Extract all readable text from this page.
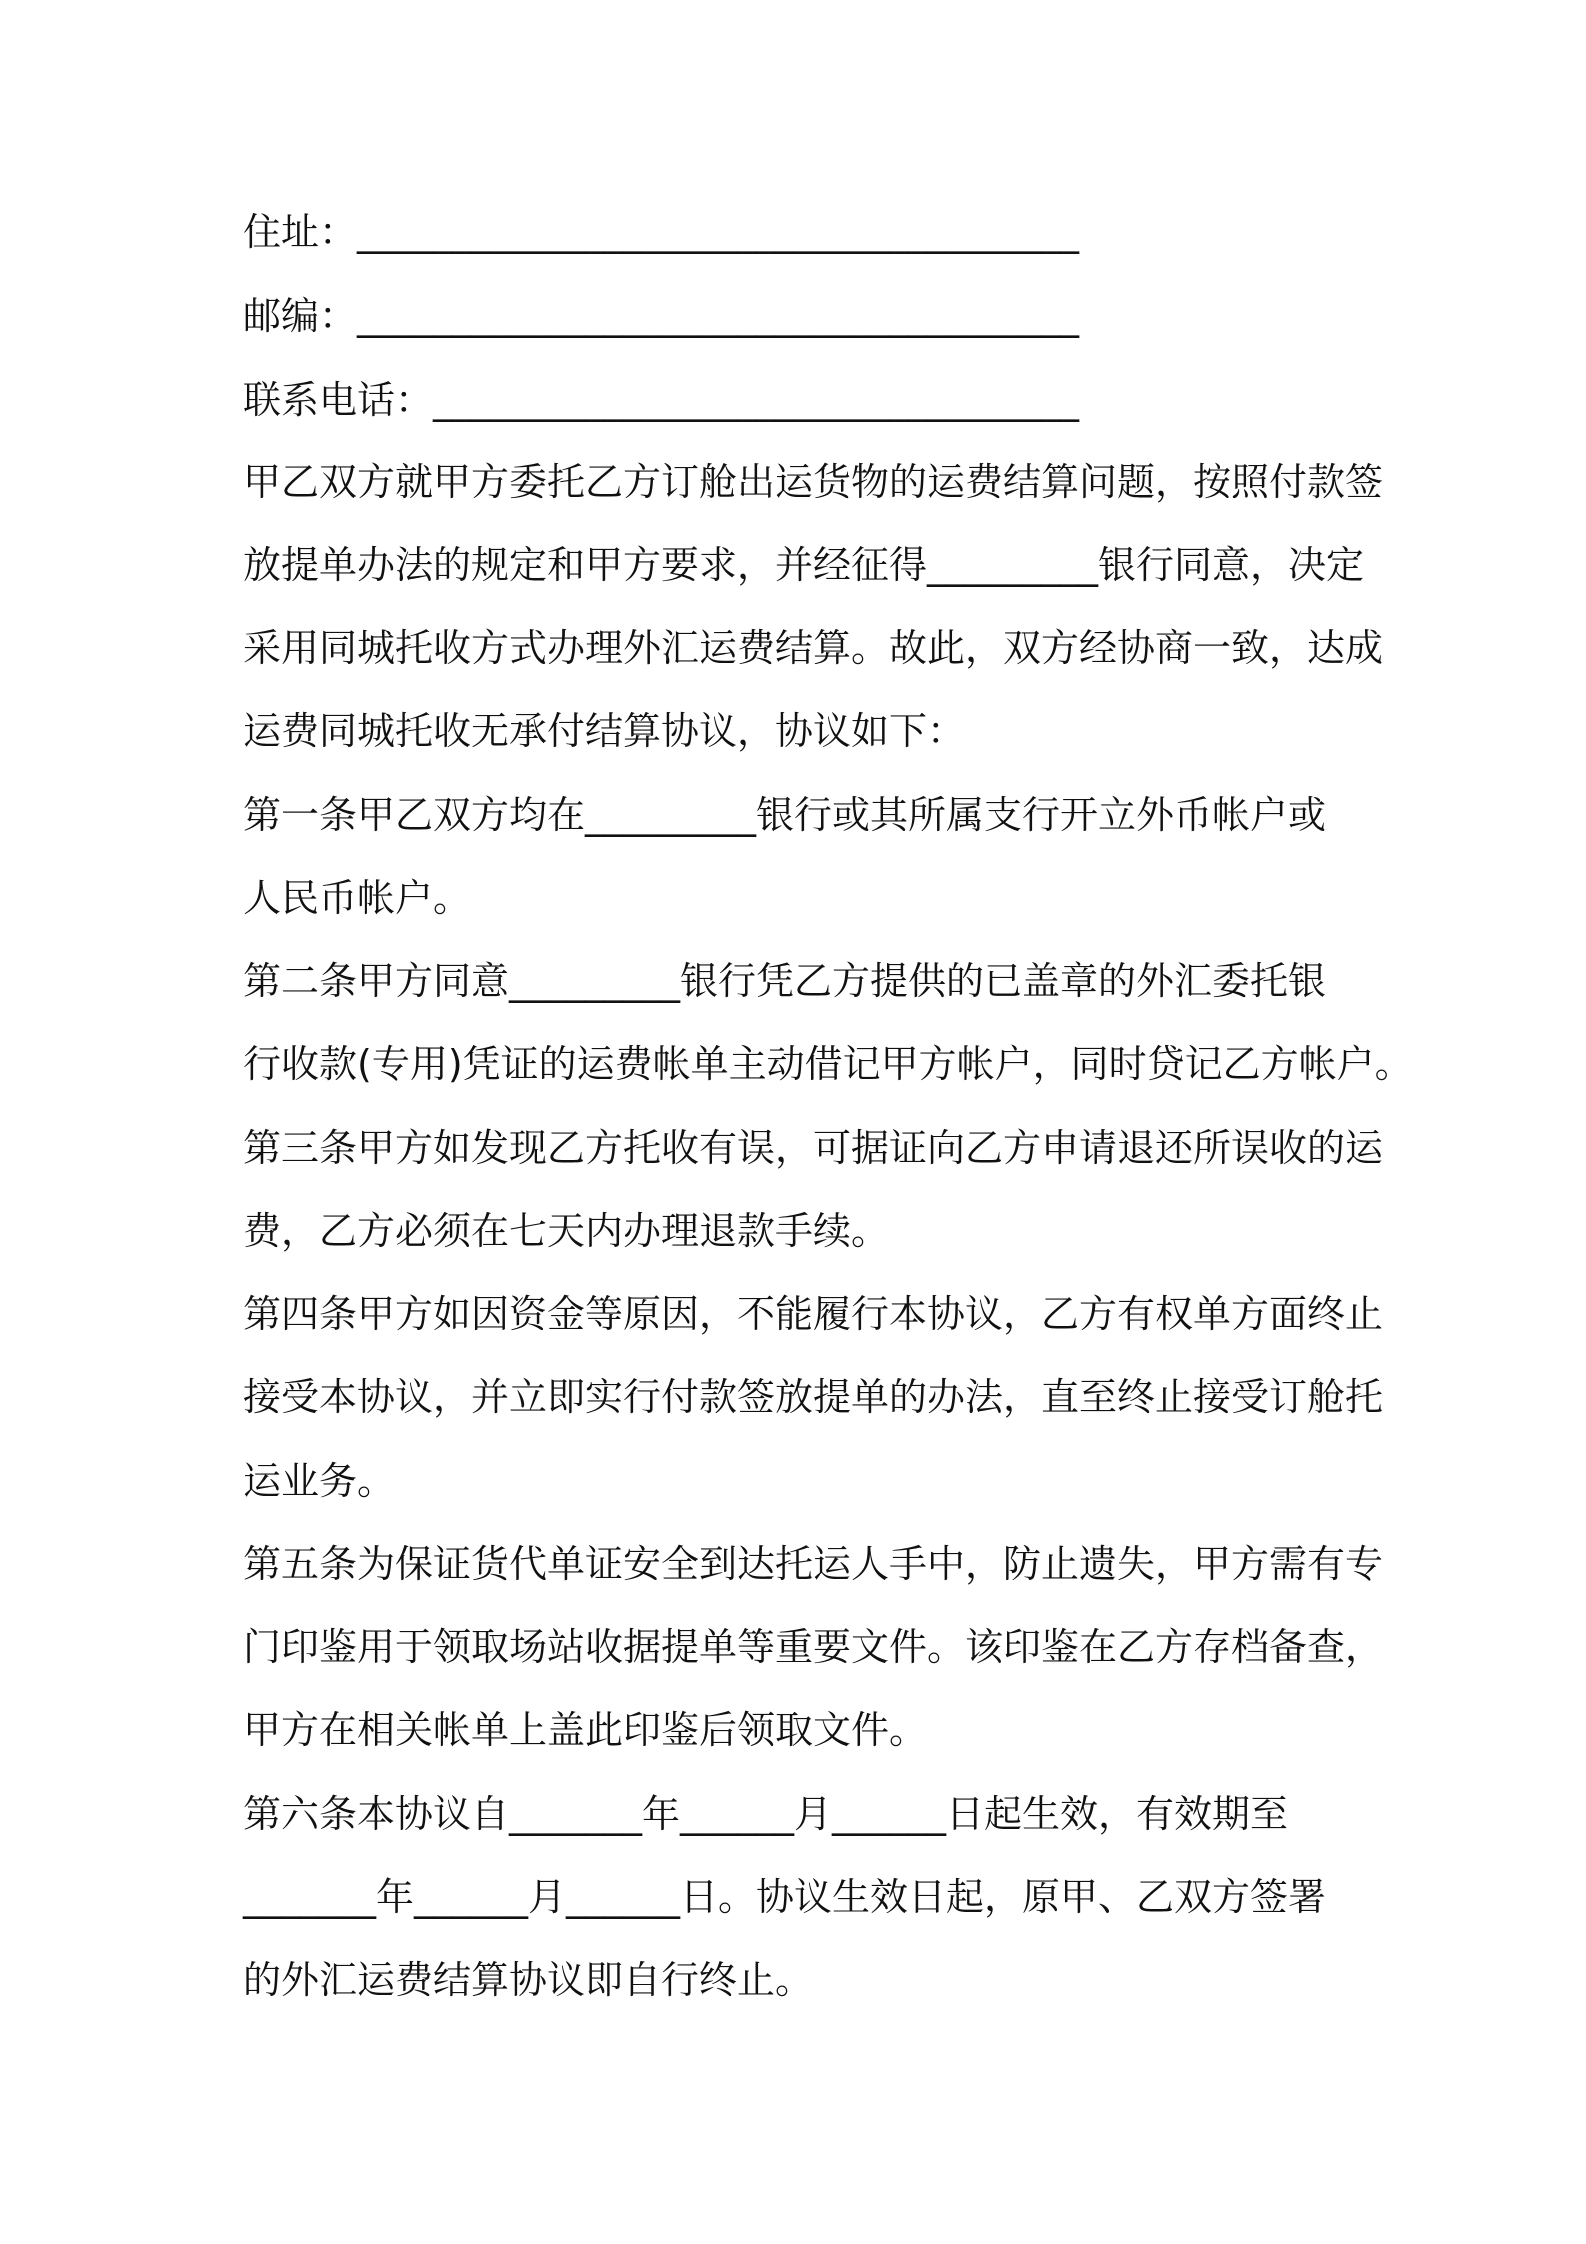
住址：______________________________________
邮编：______________________________________
联系电话：__________________________________
甲乙双方就甲方委托乙方订舱出运货物的运费结算问题，按照付款签
放提单办法的规定和甲方要求，并经征得_________银行同意，决定
采用同城托收方式办理外汇运费结算。故此，双方经协商一致，达成
运费同城托收无承付结算协议，协议如下：
第一条甲乙双方均在_________银行或其所属支行开立外币帐户或
人民币帐户。
第二条甲方同意_________银行凭乙方提供的已盖章的外汇委托银
行收款(专用)凭证的运费帐单主动借记甲方帐户，同时贷记乙方帐户。
第三条甲方如发现乙方托收有误，可据证向乙方申请退还所误收的运
费，乙方必须在七天内办理退款手续。
第四条甲方如因资金等原因，不能履行本协议，乙方有权单方面终止
接受本协议，并立即实行付款签放提单的办法，直至终止接受订舱托
运业务。
第五条为保证货代单证安全到达托运人手中，防止遗失，甲方需有专
门印鉴用于领取场站收据提单等重要文件。该印鉴在乙方存档备查，
甲方在相关帐单上盖此印鉴后领取文件。
第六条本协议自_______年______月______日起生效，有效期至
_______年______月______日。协议生效日起，原甲、乙双方签署
的外汇运费结算协议即自行终止。
